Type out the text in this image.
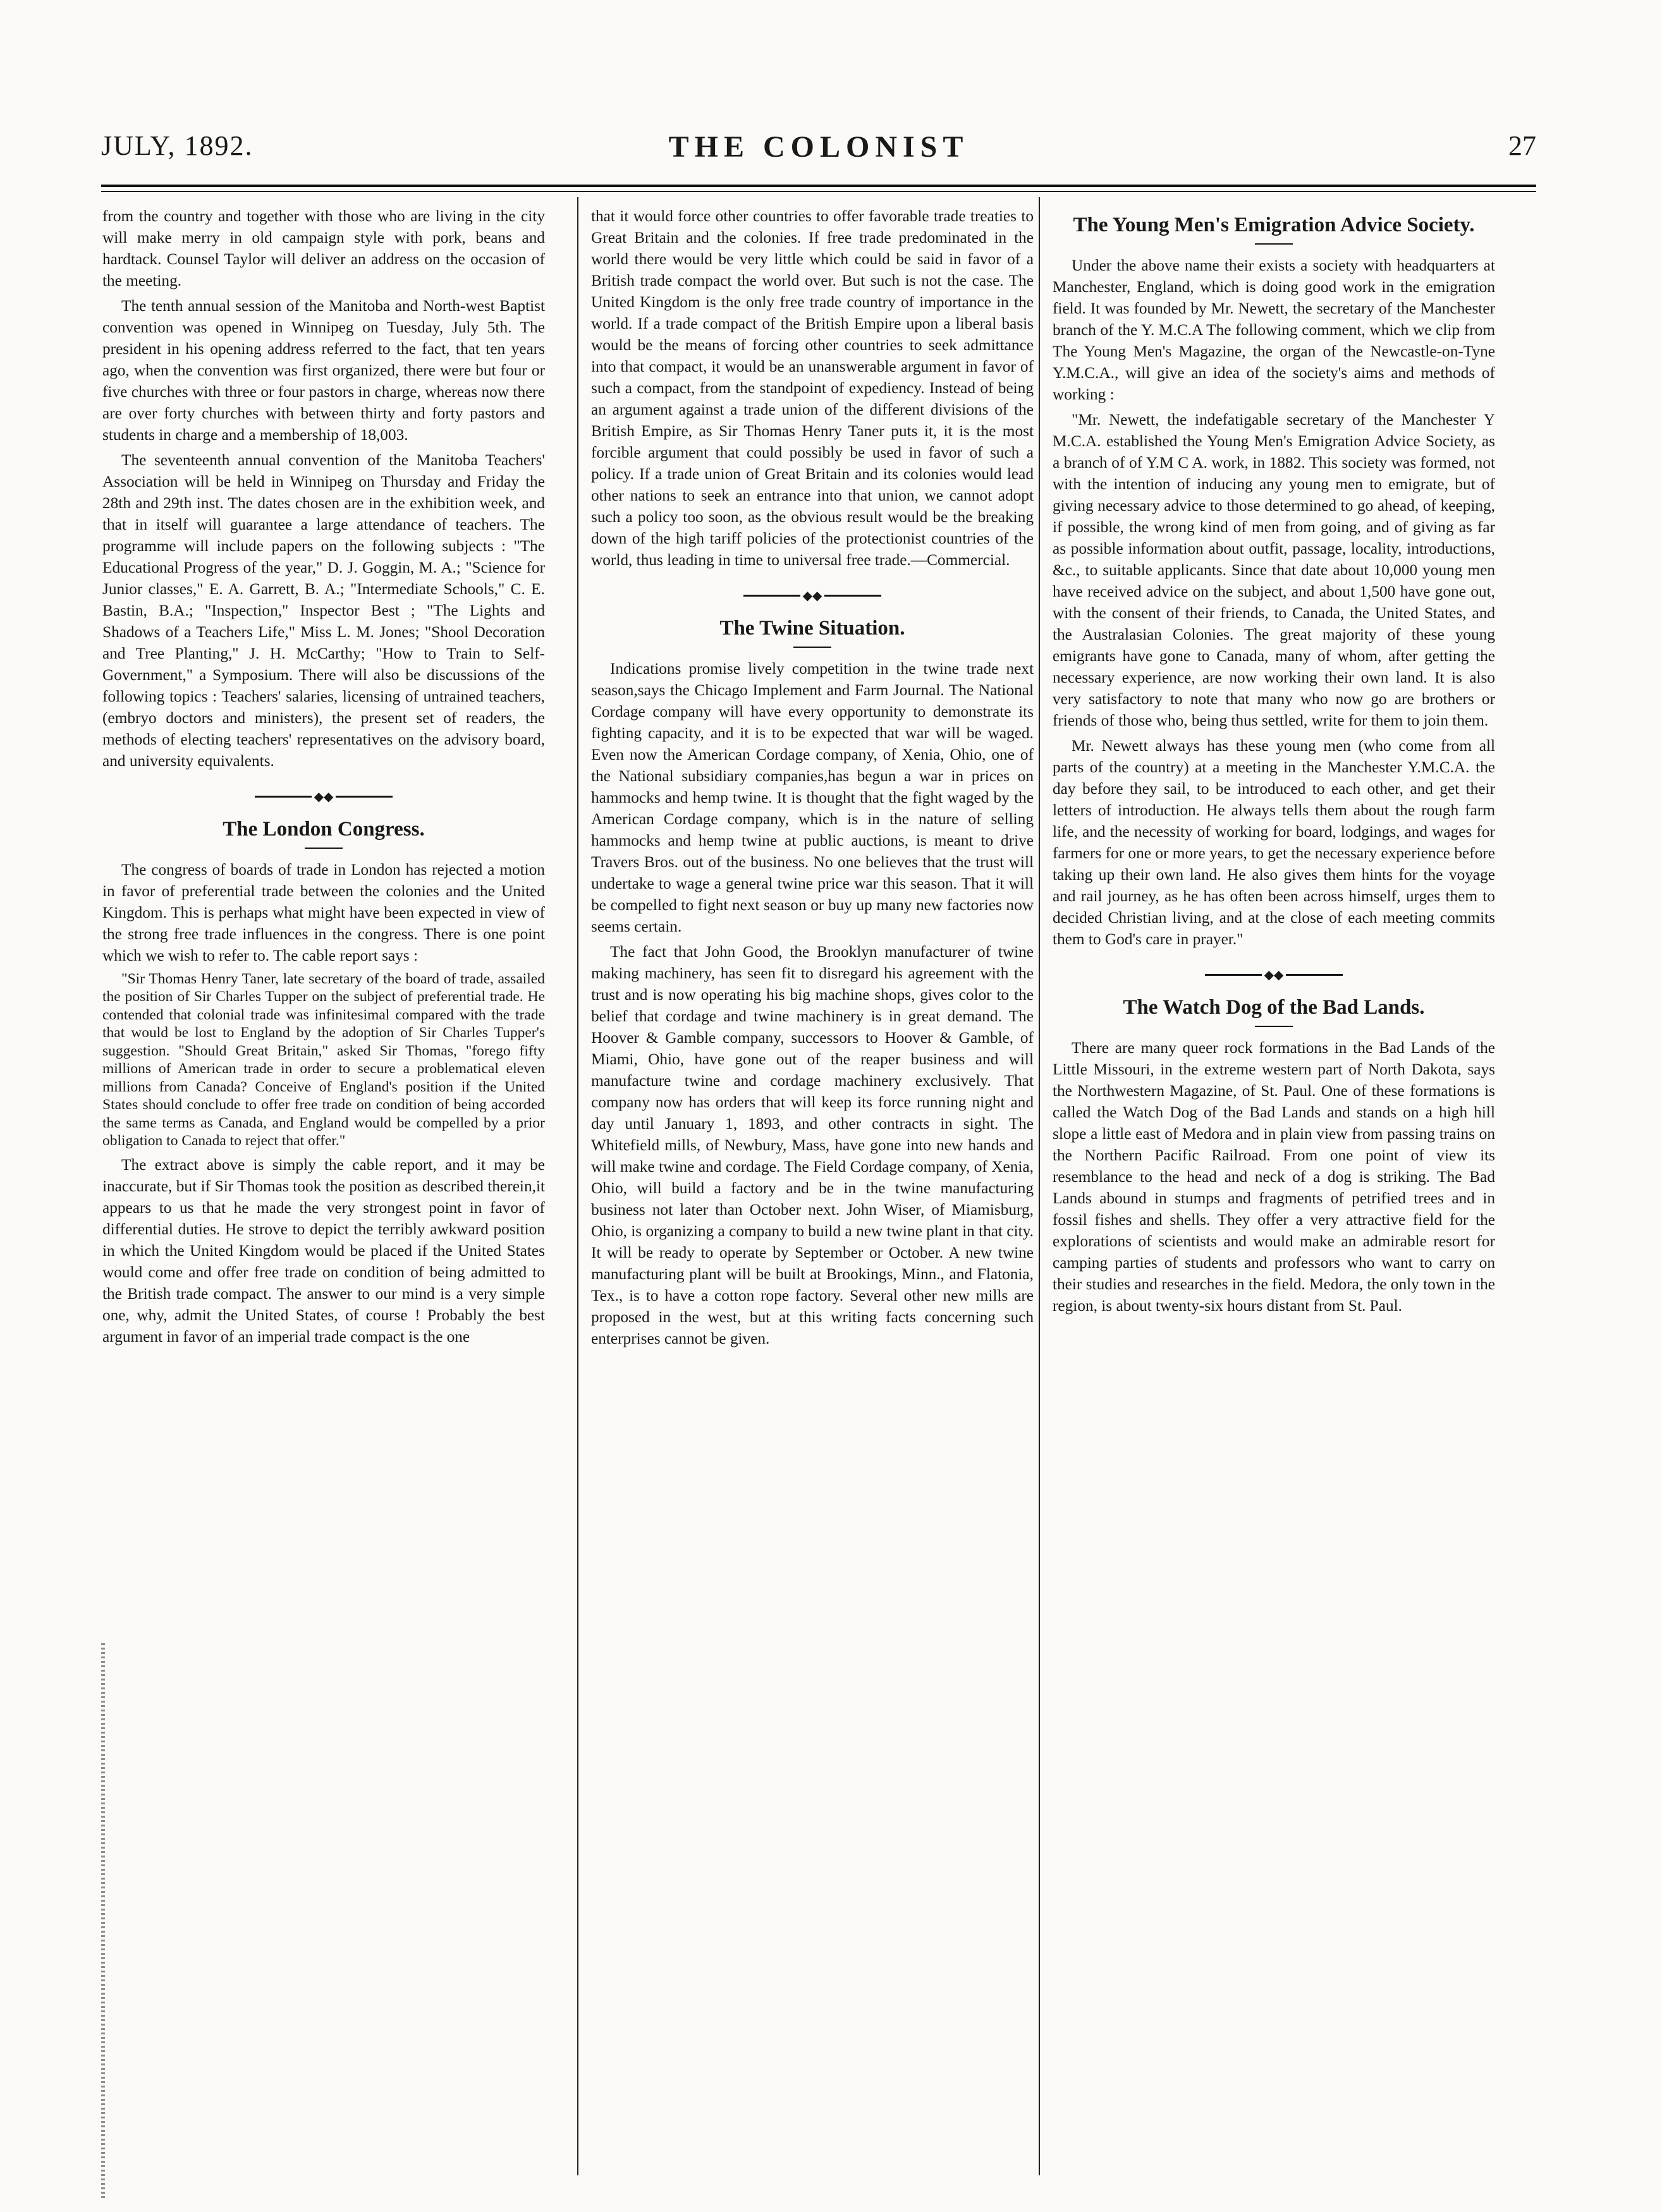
JULY, 1892.	THE COLONIST	27

from the country and together with those who are living in the city will make merry in old campaign style with pork, beans and hardtack. Counsel Taylor will deliver an address on the occasion of the meeting.

The tenth annual session of the Manitoba and North-west Baptist convention was opened in Winnipeg on Tuesday, July 5th. The president in his opening address referred to the fact, that ten years ago, when the convention was first organized, there were but four or five churches with three or four pastors in charge, whereas now there are over forty churches with between thirty and forty pastors and students in charge and a membership of 18,003.

The seventeenth annual convention of the Manitoba Teachers' Association will be held in Winnipeg on Thursday and Friday the 28th and 29th inst. The dates chosen are in the exhibition week, and that in itself will guarantee a large attendance of teachers. The programme will include papers on the following subjects : "The Educational Progress of the year," D. J. Goggin, M. A.; "Science for Junior classes," E. A. Garrett, B. A.; "Intermediate Schools," C. E. Bastin, B.A.; "Inspection," Inspector Best ; "The Lights and Shadows of a Teachers Life," Miss L. M. Jones; "Shool Decoration and Tree Planting," J. H. McCarthy; "How to Train to Self-Government," a Symposium. There will also be discussions of the following topics : Teachers' salaries, licensing of untrained teachers, (embryo doctors and ministers), the present set of readers, the methods of electing teachers' representatives on the advisory board, and university equivalents.

◆◆
The London Congress.

The congress of boards of trade in London has rejected a motion in favor of preferential trade between the colonies and the United Kingdom. This is perhaps what might have been expected in view of the strong free trade influences in the congress. There is one point which we wish to refer to. The cable report says :

"Sir Thomas Henry Taner, late secretary of the board of trade, assailed the position of Sir Charles Tupper on the subject of preferential trade. He contended that colonial trade was infinitesimal compared with the trade that would be lost to England by the adoption of Sir Charles Tupper's suggestion. "Should Great Britain," asked Sir Thomas, "forego fifty millions of American trade in order to secure a problematical eleven millions from Canada? Conceive of England's position if the United States should conclude to offer free trade on condition of being accorded the same terms as Canada, and England would be compelled by a prior obligation to Canada to reject that offer."

The extract above is simply the cable report, and it may be inaccurate, but if Sir Thomas took the position as described therein,it appears to us that he made the very strongest point in favor of differential duties. He strove to depict the terribly awkward position in which the United Kingdom would be placed if the United States would come and offer free trade on condition of being admitted to the British trade compact. The answer to our mind is a very simple one, why, admit the United States, of course ! Probably the best argument in favor of an imperial trade compact is the one

that it would force other countries to offer favorable trade treaties to Great Britain and the colonies. If free trade predominated in the world there would be very little which could be said in favor of a British trade compact the world over. But such is not the case. The United Kingdom is the only free trade country of importance in the world. If a trade compact of the British Empire upon a liberal basis would be the means of forcing other countries to seek admittance into that compact, it would be an unanswerable argument in favor of such a compact, from the standpoint of expediency. Instead of being an argument against a trade union of the different divisions of the British Empire, as Sir Thomas Henry Taner puts it, it is the most forcible argument that could possibly be used in favor of such a policy. If a trade union of Great Britain and its colonies would lead other nations to seek an entrance into that union, we cannot adopt such a policy too soon, as the obvious result would be the breaking down of the high tariff policies of the protectionist countries of the world, thus leading in time to universal free trade.—Commercial.

◆◆
The Twine Situation.

Indications promise lively competition in the twine trade next season,says the Chicago Implement and Farm Journal. The National Cordage company will have every opportunity to demonstrate its fighting capacity, and it is to be expected that war will be waged. Even now the American Cordage company, of Xenia, Ohio, one of the National subsidiary companies,has begun a war in prices on hammocks and hemp twine. It is thought that the fight waged by the American Cordage company, which is in the nature of selling hammocks and hemp twine at public auctions, is meant to drive Travers Bros. out of the business. No one believes that the trust will undertake to wage a general twine price war this season. That it will be compelled to fight next season or buy up many new factories now seems certain.

The fact that John Good, the Brooklyn manufacturer of twine making machinery, has seen fit to disregard his agreement with the trust and is now operating his big machine shops, gives color to the belief that cordage and twine machinery is in great demand. The Hoover & Gamble company, successors to Hoover & Gamble, of Miami, Ohio, have gone out of the reaper business and will manufacture twine and cordage machinery exclusively. That company now has orders that will keep its force running night and day until January 1, 1893, and other contracts in sight. The Whitefield mills, of Newbury, Mass, have gone into new hands and will make twine and cordage. The Field Cordage company, of Xenia, Ohio, will build a factory and be in the twine manufacturing business not later than October next. John Wiser, of Miamisburg, Ohio, is organizing a company to build a new twine plant in that city. It will be ready to operate by September or October. A new twine manufacturing plant will be built at Brookings, Minn., and Flatonia, Tex., is to have a cotton rope factory. Several other new mills are proposed in the west, but at this writing facts concerning such enterprises cannot be given.

The Young Men's Emigration Advice Society.

Under the above name their exists a society with headquarters at Manchester, England, which is doing good work in the emigration field. It was founded by Mr. Newett, the secretary of the Manchester branch of the Y. M.C.A The following comment, which we clip from The Young Men's Magazine, the organ of the Newcastle-on-Tyne Y.M.C.A., will give an idea of the society's aims and methods of working :

"Mr. Newett, the indefatigable secretary of the Manchester Y M.C.A. established the Young Men's Emigration Advice Society, as a branch of of Y.M C A. work, in 1882. This society was formed, not with the intention of inducing any young men to emigrate, but of giving necessary advice to those determined to go ahead, of keeping, if possible, the wrong kind of men from going, and of giving as far as possible information about outfit, passage, locality, introductions, &c., to suitable applicants. Since that date about 10,000 young men have received advice on the subject, and about 1,500 have gone out, with the consent of their friends, to Canada, the United States, and the Australasian Colonies. The great majority of these young emigrants have gone to Canada, many of whom, after getting the necessary experience, are now working their own land. It is also very satisfactory to note that many who now go are brothers or friends of those who, being thus settled, write for them to join them.

Mr. Newett always has these young men (who come from all parts of the country) at a meeting in the Manchester Y.M.C.A. the day before they sail, to be introduced to each other, and get their letters of introduction. He always tells them about the rough farm life, and the necessity of working for board, lodgings, and wages for farmers for one or more years, to get the necessary experience before taking up their own land. He also gives them hints for the voyage and rail journey, as he has often been across himself, urges them to decided Christian living, and at the close of each meeting commits them to God's care in prayer."

◆◆
The Watch Dog of the Bad Lands.

There are many queer rock formations in the Bad Lands of the Little Missouri, in the extreme western part of North Dakota, says the Northwestern Magazine, of St. Paul. One of these formations is called the Watch Dog of the Bad Lands and stands on a high hill slope a little east of Medora and in plain view from passing trains on the Northern Pacific Railroad. From one point of view its resemblance to the head and neck of a dog is striking. The Bad Lands abound in stumps and fragments of petrified trees and in fossil fishes and shells. They offer a very attractive field for the explorations of scientists and would make an admirable resort for camping parties of students and professors who want to carry on their studies and researches in the field. Medora, the only town in the region, is about twenty-six hours distant from St. Paul.
